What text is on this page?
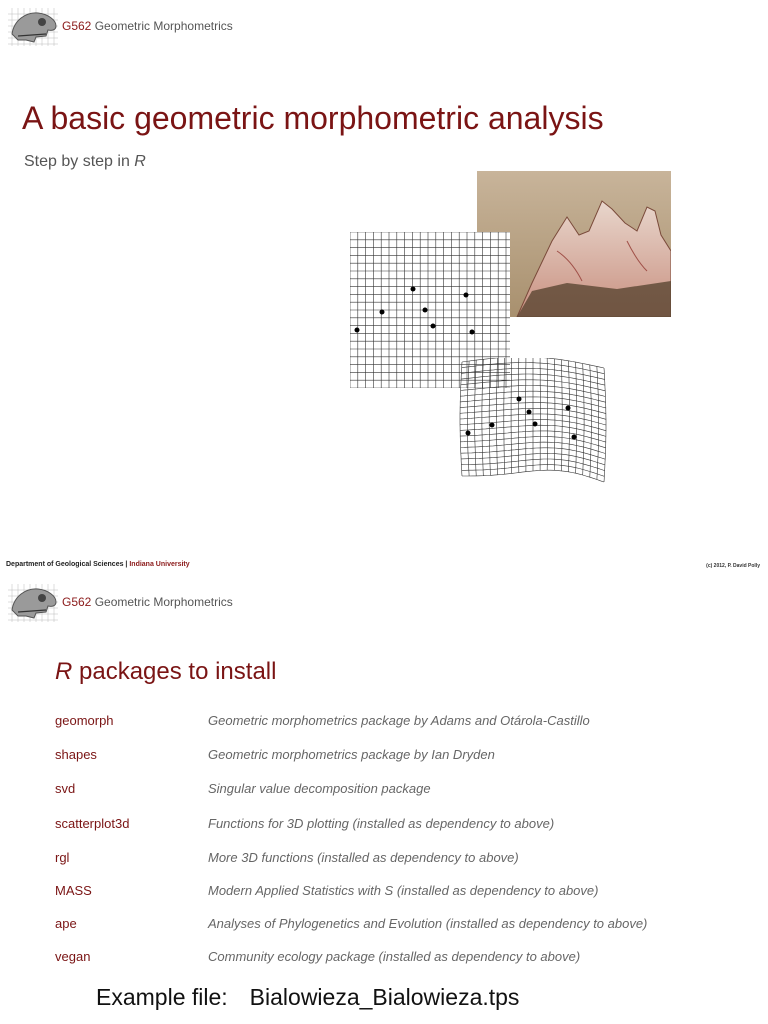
G562 Geometric Morphometrics
A basic geometric morphometric analysis
Step by step in R
Department of Geological Sciences | Indiana University	(c) 2012, P. David Polly
G562 Geometric Morphometrics
R packages to install
geomorph	Geometric morphometrics package by Adams and Otárola-Castillo
shapes	Geometric morphometrics package by Ian Dryden
svd	Singular value decomposition package
scatterplot3d	Functions for 3D plotting (installed as dependency to above)
rgl	More 3D functions (installed as dependency to above)
MASS	Modern Applied Statistics with S (installed as dependency to above)
ape	Analyses of Phylogenetics and Evolution (installed as dependency to above)
vegan	Community ecology package (installed as dependency to above)
Example file: Bialowieza_Bialowieza.tps
